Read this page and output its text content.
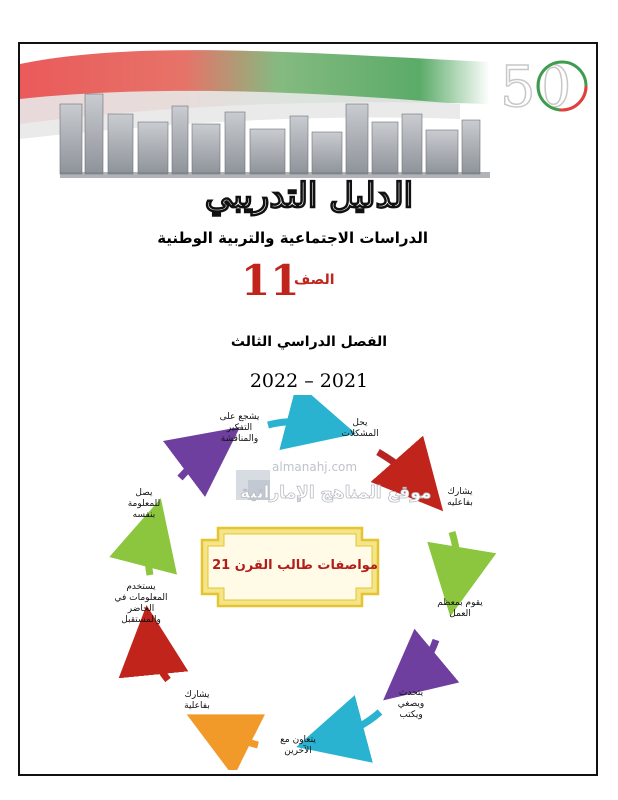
50
الدليل التدريبي
الدراسات الاجتماعية والتربية الوطنية
الصف
11
الفصل الدراسي الثالث
2022 – 2021
almanahj.com
موقع المناهج الإماراتية
مواصفات طالب القرن 21
يحل المشكلات
يشارك بفاعليه
يقوم بمعظم العمل
يتحدث ويصغي ويكتب
يتعاون مع الآخرين
يشارك بفاعلية
يستخدم المعلومات في الحاضر والمستقبل
يصل للمعلومة بنفسه
يشجع على التفكير والمناقشة
